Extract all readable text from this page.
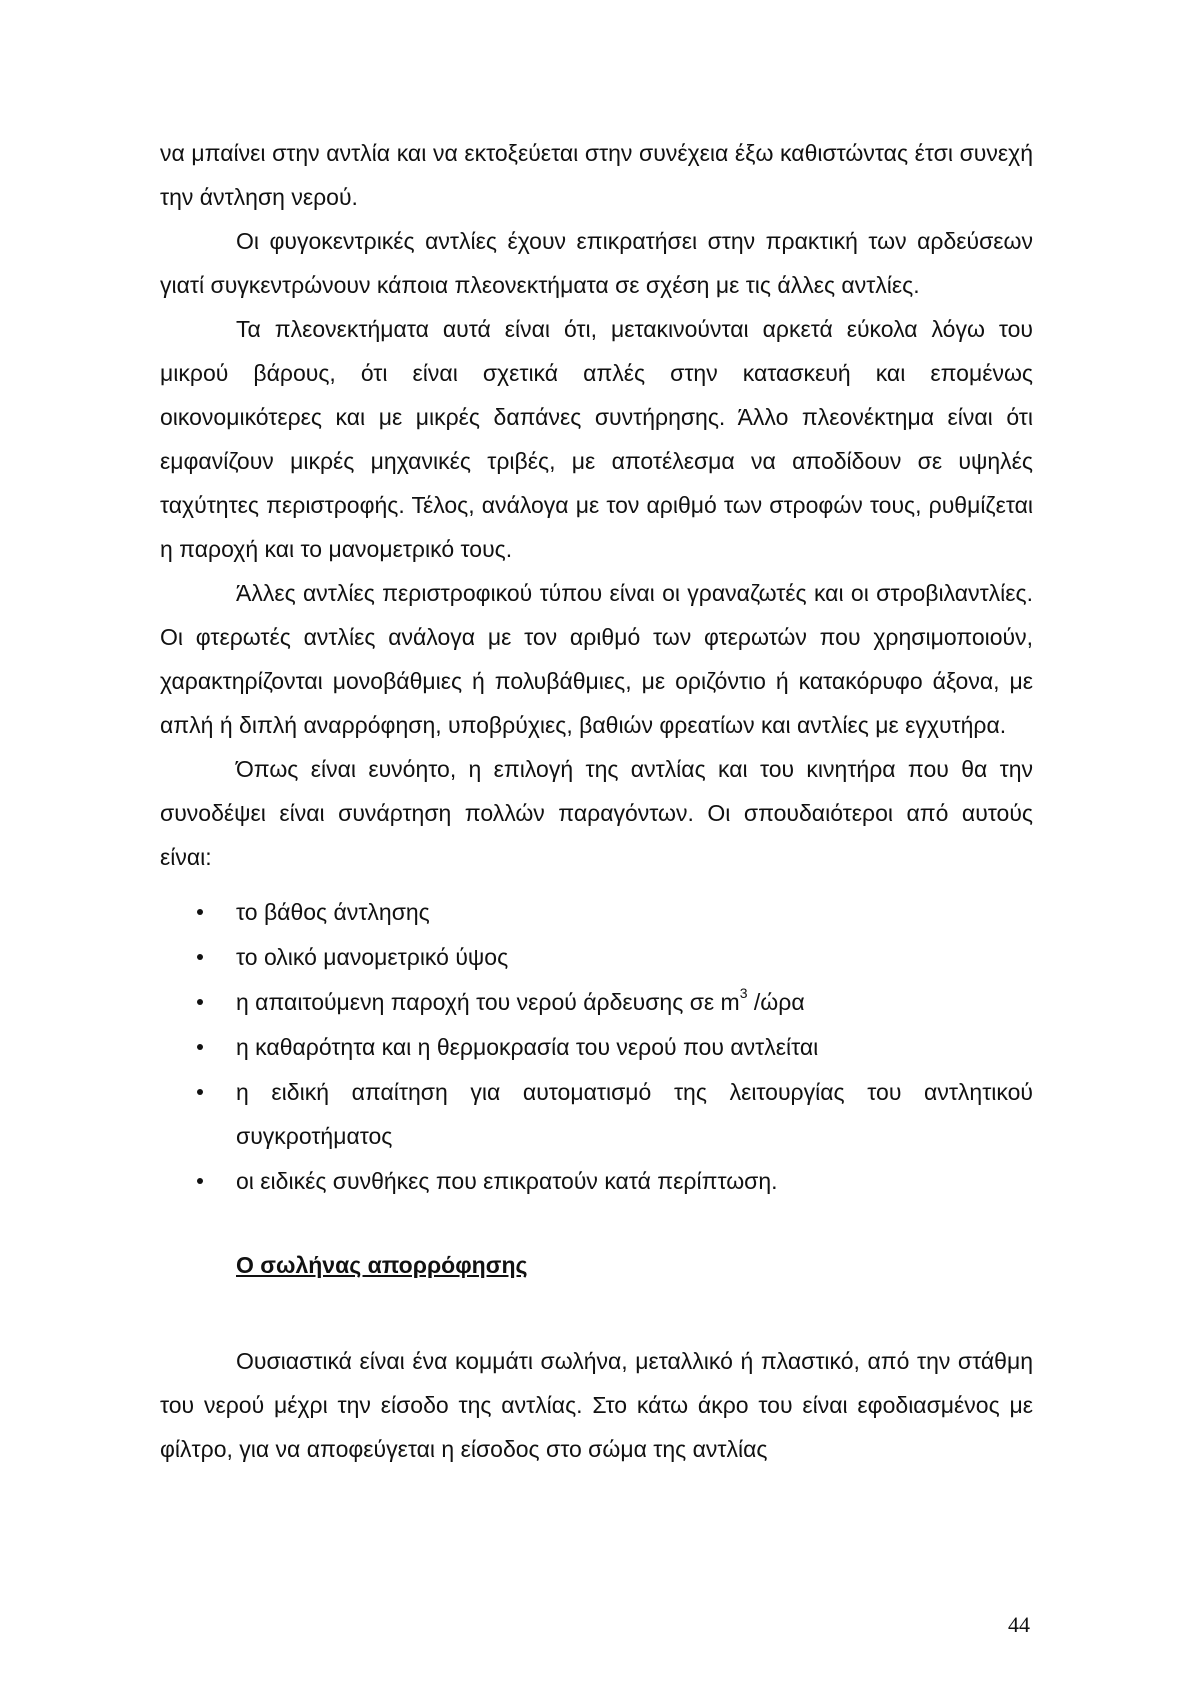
να μπαίνει στην αντλία και να εκτοξεύεται στην συνέχεια έξω καθιστώντας έτσι συνεχή την άντληση νερού.

Οι φυγοκεντρικές αντλίες έχουν επικρατήσει στην πρακτική των αρδεύσεων γιατί συγκεντρώνουν κάποια πλεονεκτήματα σε σχέση με τις άλλες αντλίες.

Τα πλεονεκτήματα αυτά είναι ότι, μετακινούνται αρκετά εύκολα λόγω του μικρού βάρους, ότι είναι σχετικά απλές στην κατασκευή και επομένως οικονομικότερες και με μικρές δαπάνες συντήρησης. Άλλο πλεονέκτημα είναι ότι εμφανίζουν μικρές μηχανικές τριβές, με αποτέλεσμα να αποδίδουν σε υψηλές ταχύτητες περιστροφής. Τέλος, ανάλογα με τον αριθμό των στροφών τους, ρυθμίζεται η παροχή και το μανομετρικό τους.

Άλλες αντλίες περιστροφικού τύπου είναι οι γραναζωτές και οι στροβιλαντλίες. Οι φτερωτές αντλίες ανάλογα με τον αριθμό των φτερωτών που χρησιμοποιούν, χαρακτηρίζονται μονοβάθμιες ή πολυβάθμιες, με οριζόντιο ή κατακόρυφο άξονα, με απλή ή διπλή αναρρόφηση, υποβρύχιες, βαθιών φρεατίων και αντλίες με εγχυτήρα.

Όπως είναι ευνόητο, η επιλογή της αντλίας και του κινητήρα που θα την συνοδέψει είναι συνάρτηση πολλών παραγόντων. Οι σπουδαιότεροι από αυτούς είναι:

το βάθος άντλησης
το ολικό μανομετρικό ύψος
η απαιτούμενη παροχή του νερού άρδευσης σε $m^3$ /ώρα
η καθαρότητα και η θερμοκρασία του νερού που αντλείται
η ειδική απαίτηση για αυτοματισμό της λειτουργίας του αντλητικού συγκροτήματος
οι ειδικές συνθήκες που επικρατούν κατά περίπτωση.
Ο σωλήνας απορρόφησης

Ουσιαστικά είναι ένα κομμάτι σωλήνα, μεταλλικό ή πλαστικό, από την στάθμη του νερού μέχρι την είσοδο της αντλίας. Στο κάτω άκρο του είναι εφοδιασμένος με φίλτρο, για να αποφεύγεται η είσοδος στο σώμα της αντλίας

44
